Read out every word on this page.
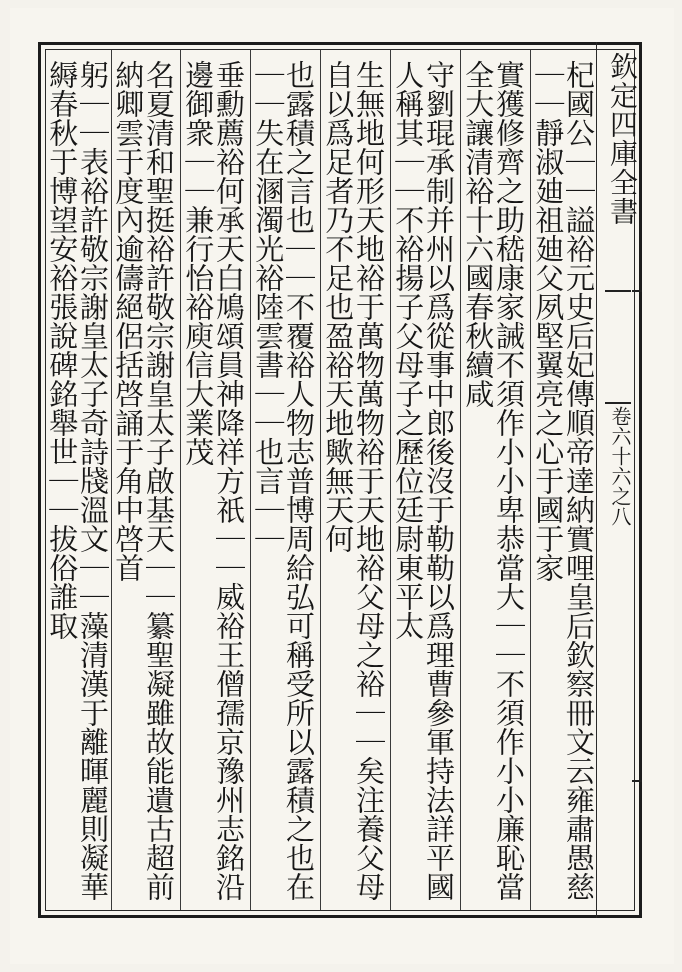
杞國公｜｜謚裕元史后妃傳順帝達納實哩皇后欽察冊文云雍肅愚慈｜｜靜淑廸祖廸父夙堅翼亮之心于國于家
實獲修齊之助嵇康家誡不須作小小卑恭當大｜｜不須作小小廉恥當全大讓清裕十六國春秋續咸
守劉琨承制并州以爲從事中郎後沒于勒勒以爲理曹參軍持法詳平國人稱其｜｜不裕揚子父母子之歷位廷尉東平太
生無地何形天地裕于萬物萬物裕于天地裕父母之裕｜｜矣注養父母自以爲足者乃不足也盈裕天地歟無天何
也露積之言也｜｜不覆裕人物志普博周給弘可稱受所以露積之也在｜｜失在溷濁光裕陸雲書｜｜也言｜｜
垂勳薦裕何承天白鳩頌員神降祥方祇｜｜威裕王僧孺京豫州志銘沿邊御衆｜｜兼行怡裕庾信大業茂
名夏清和聖挺裕許敬宗謝皇太子啟基天｜｜纂聖凝雖故能遺古超前納卿雲于度內逾儔絕侶括啓誦于角中啓首
躬｜｜表裕許敬宗謝皇太子奇詩牋溫文｜｜藻清漢于離暉麗則凝華縟春秋于博望安裕張說碑銘舉世｜｜拔俗誰取	欽定四庫全書
卷六十六之八
